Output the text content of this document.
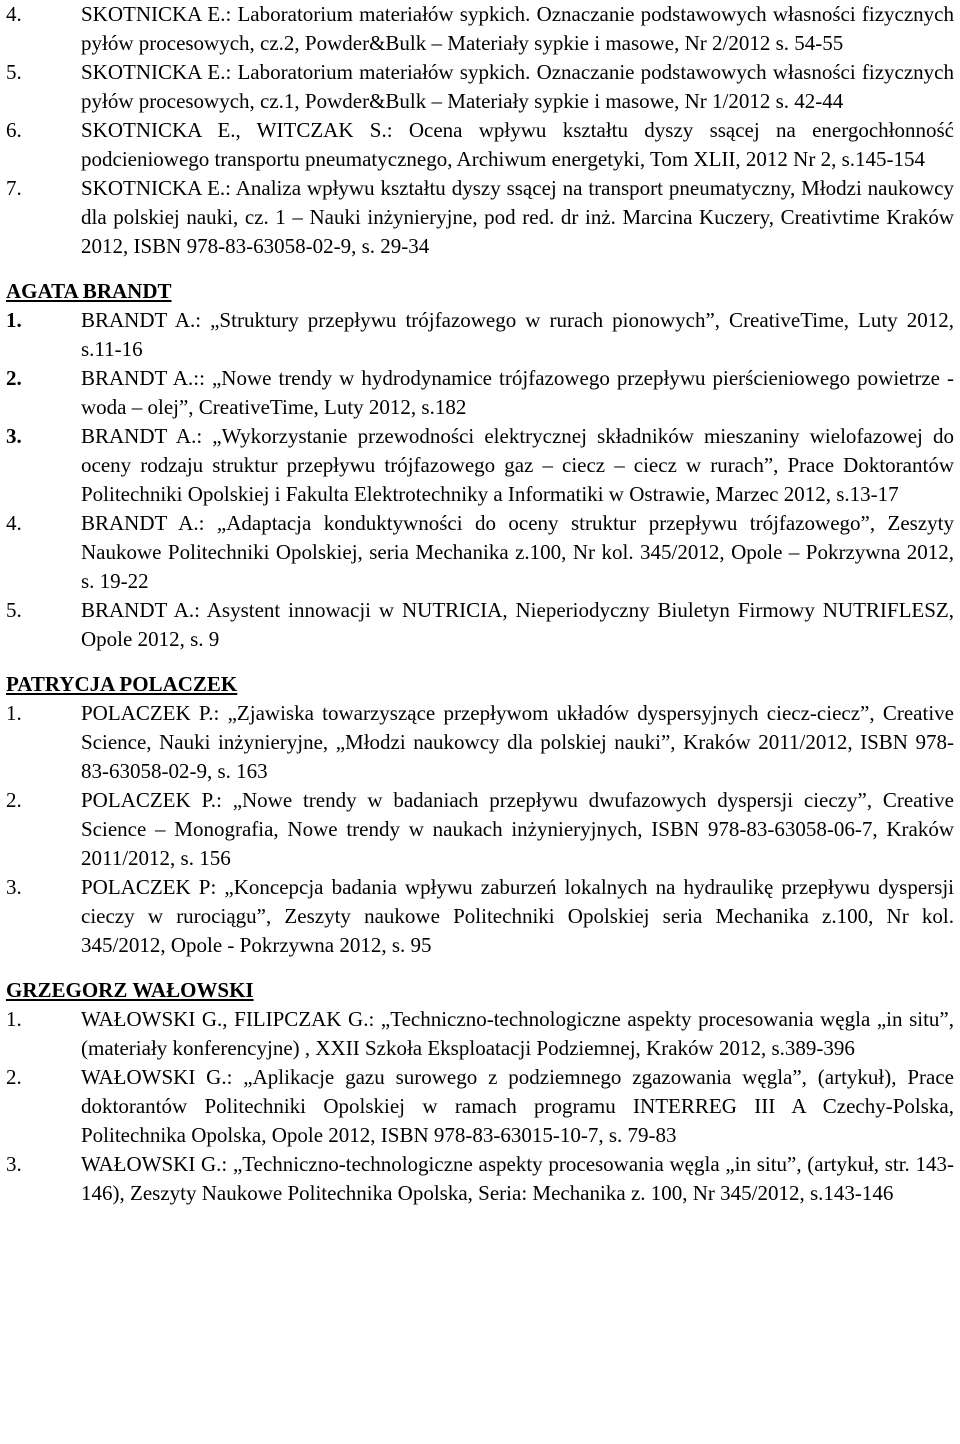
4.	SKOTNICKA E.: Laboratorium materiałów sypkich. Oznaczanie podstawowych własności fizycznych pyłów procesowych, cz.2, Powder&Bulk – Materiały sypkie i masowe, Nr 2/2012 s. 54-55
5.	SKOTNICKA E.: Laboratorium materiałów sypkich. Oznaczanie podstawowych własności fizycznych pyłów procesowych, cz.1, Powder&Bulk – Materiały sypkie i masowe, Nr 1/2012 s. 42-44
6.	SKOTNICKA E., WITCZAK S.: Ocena wpływu kształtu dyszy ssącej na energochłonność podcieniowego transportu pneumatycznego, Archiwum energetyki, Tom XLII, 2012 Nr 2, s.145-154
7.	SKOTNICKA E.: Analiza wpływu kształtu dyszy ssącej na transport pneumatyczny, Młodzi naukowcy dla polskiej nauki, cz. 1 – Nauki inżynieryjne, pod red. dr inż. Marcina Kuczery, Creativtime Kraków 2012, ISBN 978-83-63058-02-9, s. 29-34
AGATA BRANDT
1.	BRANDT A.: „Struktury przepływu trójfazowego w rurach pionowych”, CreativeTime, Luty 2012, s.11-16
2.	BRANDT A.:: „Nowe trendy w hydrodynamice trójfazowego przepływu pierścieniowego powietrze - woda – olej”, CreativeTime, Luty 2012, s.182
3.	BRANDT A.: „Wykorzystanie przewodności elektrycznej składników mieszaniny wielofazowej do oceny rodzaju struktur przepływu trójfazowego gaz – ciecz – ciecz w rurach”, Prace Doktorantów Politechniki Opolskiej i Fakulta Elektrotechniky a Informatiki w Ostrawie, Marzec 2012, s.13-17
4.	BRANDT A.: „Adaptacja konduktywności do oceny struktur przepływu trójfazowego”, Zeszyty Naukowe Politechniki Opolskiej, seria Mechanika z.100, Nr kol. 345/2012, Opole – Pokrzywna 2012, s. 19-22
5.	BRANDT A.: Asystent innowacji w NUTRICIA, Nieperiodyczny Biuletyn Firmowy NUTRIFLESZ, Opole 2012, s. 9
PATRYCJA POLACZEK
1.	POLACZEK P.: „Zjawiska towarzyszące przepływom układów dyspersyjnych ciecz-ciecz”, Creative Science, Nauki inżynieryjne, „Młodzi naukowcy dla polskiej nauki”, Kraków 2011/2012, ISBN 978-83-63058-02-9, s. 163
2.	POLACZEK P.: „Nowe trendy w badaniach przepływu dwufazowych dyspersji cieczy”, Creative Science – Monografia, Nowe trendy w naukach inżynieryjnych, ISBN 978-83-63058-06-7, Kraków 2011/2012, s. 156
3.	POLACZEK P: „Koncepcja badania wpływu zaburzeń lokalnych na hydraulikę przepływu dyspersji cieczy w rurociągu”, Zeszyty naukowe Politechniki Opolskiej seria Mechanika z.100, Nr kol. 345/2012, Opole - Pokrzywna 2012, s. 95
GRZEGORZ WAŁOWSKI
1.	WAŁOWSKI G., FILIPCZAK G.: „Techniczno-technologiczne aspekty procesowania węgla „in situ”, (materiały konferencyjne) , XXII Szkoła Eksploatacji Podziemnej, Kraków 2012, s.389-396
2.	WAŁOWSKI G.: „Aplikacje gazu surowego z podziemnego zgazowania węgla”, (artykuł), Prace doktorantów Politechniki Opolskiej w ramach programu INTERREG III A Czechy-Polska, Politechnika Opolska, Opole 2012, ISBN 978-83-63015-10-7, s. 79-83
3.	WAŁOWSKI G.: „Techniczno-technologiczne aspekty procesowania węgla „in situ”, (artykuł, str. 143-146), Zeszyty Naukowe Politechnika Opolska, Seria: Mechanika z. 100, Nr 345/2012, s.143-146
